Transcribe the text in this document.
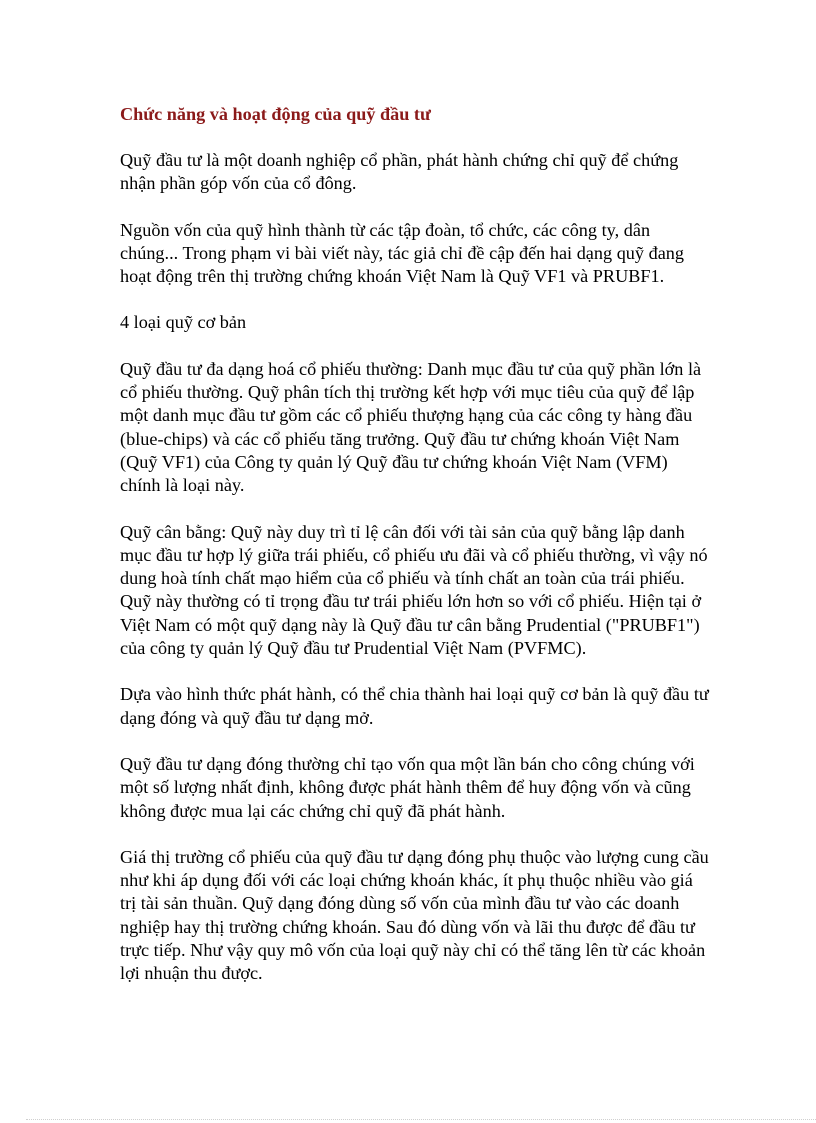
Chức năng và hoạt động của quỹ đầu tư

Quỹ đầu tư là một doanh nghiệp cổ phần, phát hành chứng chỉ quỹ để chứng nhận phần góp vốn của cổ đông.

Nguồn vốn của quỹ hình thành từ các tập đoàn, tổ chức, các công ty, dân chúng... Trong phạm vi bài viết này, tác giả chỉ đề cập đến hai dạng quỹ đang hoạt động trên thị trường chứng khoán Việt Nam là Quỹ VF1 và PRUBF1.

4 loại quỹ cơ bản

Quỹ đầu tư đa dạng hoá cổ phiếu thường: Danh mục đầu tư của quỹ phần lớn là cổ phiếu thường. Quỹ phân tích thị trường kết hợp với mục tiêu của quỹ để lập một danh mục đầu tư gồm các cổ phiếu thượng hạng của các công ty hàng đầu (blue-chips) và các cổ phiếu tăng trưởng. Quỹ đầu tư chứng khoán Việt Nam (Quỹ VF1) của Công ty quản lý Quỹ đầu tư chứng khoán Việt Nam (VFM) chính là loại này.

Quỹ cân bằng: Quỹ này duy trì tỉ lệ cân đối với tài sản của quỹ bằng lập danh mục đầu tư hợp lý giữa trái phiếu, cổ phiếu ưu đãi và cổ phiếu thường, vì vậy nó dung hoà tính chất mạo hiểm của cổ phiếu và tính chất an toàn của trái phiếu. Quỹ này thường có tỉ trọng đầu tư trái phiếu lớn hơn so với cổ phiếu. Hiện tại ở Việt Nam có một quỹ dạng này là Quỹ đầu tư cân bằng Prudential ("PRUBF1") của công ty quản lý Quỹ đầu tư Prudential Việt Nam (PVFMC).

Dựa vào hình thức phát hành, có thể chia thành hai loại quỹ cơ bản là quỹ đầu tư dạng đóng và quỹ đầu tư dạng mở.

Quỹ đầu tư dạng đóng thường chỉ tạo vốn qua một lần bán cho công chúng với một số lượng nhất định, không được phát hành thêm để huy động vốn và cũng không được mua lại các chứng chỉ quỹ đã phát hành.

Giá thị trường cổ phiếu của quỹ đầu tư dạng đóng phụ thuộc vào lượng cung cầu như khi áp dụng đối với các loại chứng khoán khác, ít phụ thuộc nhiều vào giá trị tài sản thuần. Quỹ dạng đóng dùng số vốn của mình đầu tư vào các doanh nghiệp hay thị trường chứng khoán. Sau đó dùng vốn và lãi thu được để đầu tư trực tiếp. Như vậy quy mô vốn của loại quỹ này chỉ có thể tăng lên từ các khoản lợi nhuận thu được.
